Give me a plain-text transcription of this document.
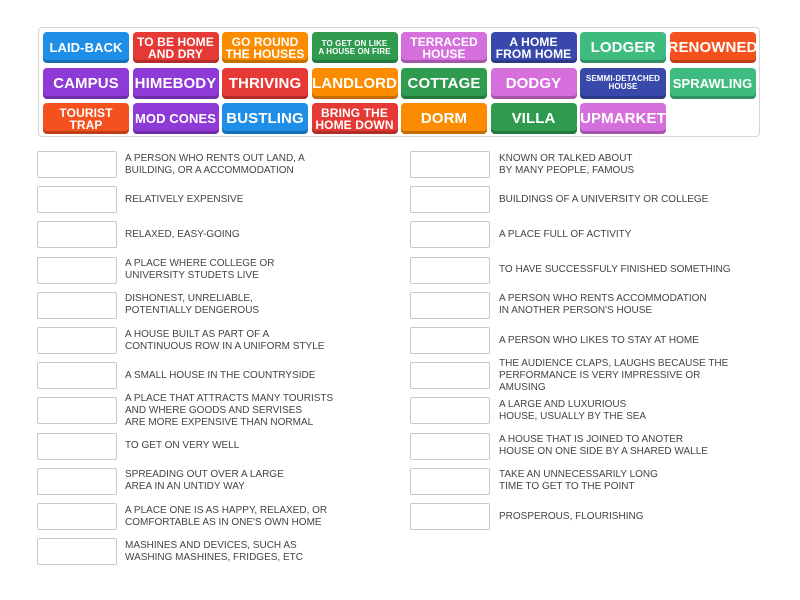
LAID-BACK TO BE HOME
AND DRY
GO ROUND
THE HOUSES
TO GET ON LIKE
A HOUSE ON FIRE
TERRACED
HOUSE
A HOME
FROM HOME LODGER RENOWNED
CAMPUS HIMEBODY THRIVING LANDLORD COTTAGE DODGY	SEMMI-DETACHED
HOUSE	SPRAWLING
TOURIST
TRAP	MOD CONES BUSTLING	BRING THE
HOME DOWN DORM	VILLA UPMARKET
A PERSON WHO RENTS OUT LAND, A
BUILDING, OR A ACCOMMODATION
RELATIVELY EXPENSIVE
RELAXED, EASY-GOING
A PLACE WHERE COLLEGE OR
UNIVERSITY STUDETS LIVE
DISHONEST, UNRELIABLE,
POTENTIALLY DENGEROUS
A HOUSE BUILT AS PART OF A
CONTINUOUS ROW IN A UNIFORM STYLE
A SMALL HOUSE IN THE COUNTRYSIDE
A PLACE THAT ATTRACTS MANY TOURISTS
AND WHERE GOODS AND SERVISES
ARE MORE EXPENSIVE THAN NORMAL
TO GET ON VERY WELL
SPREADING OUT OVER A LARGE
AREA IN AN UNTIDY WAY
A PLACE ONE IS AS HAPPY, RELAXED, OR
COMFORTABLE AS IN ONE'S OWN HOME
MASHINES AND DEVICES, SUCH AS
WASHING MASHINES, FRIDGES, ETC
KNOWN OR TALKED ABOUT
BY MANY PEOPLE, FAMOUS
BUILDINGS OF A UNIVERSITY OR COLLEGE
A PLACE FULL OF ACTIVITY
TO HAVE SUCCESSFULY FINISHED SOMETHING
A PERSON WHO RENTS ACCOMMODATION
IN ANOTHER PERSON'S HOUSE
A PERSON WHO LIKES TO STAY AT HOME
THE AUDIENCE CLAPS, LAUGHS BECAUSE THE
PERFORMANCE IS VERY IMPRESSIVE OR AMUSING
A LARGE AND LUXURIOUS
HOUSE, USUALLY BY THE SEA
A HOUSE THAT IS JOINED TO ANOTER
HOUSE ON ONE SIDE BY A SHARED WALLE
TAKE AN UNNECESSARILY LONG
TIME TO GET TO THE POINT
PROSPEROUS, FLOURISHING
